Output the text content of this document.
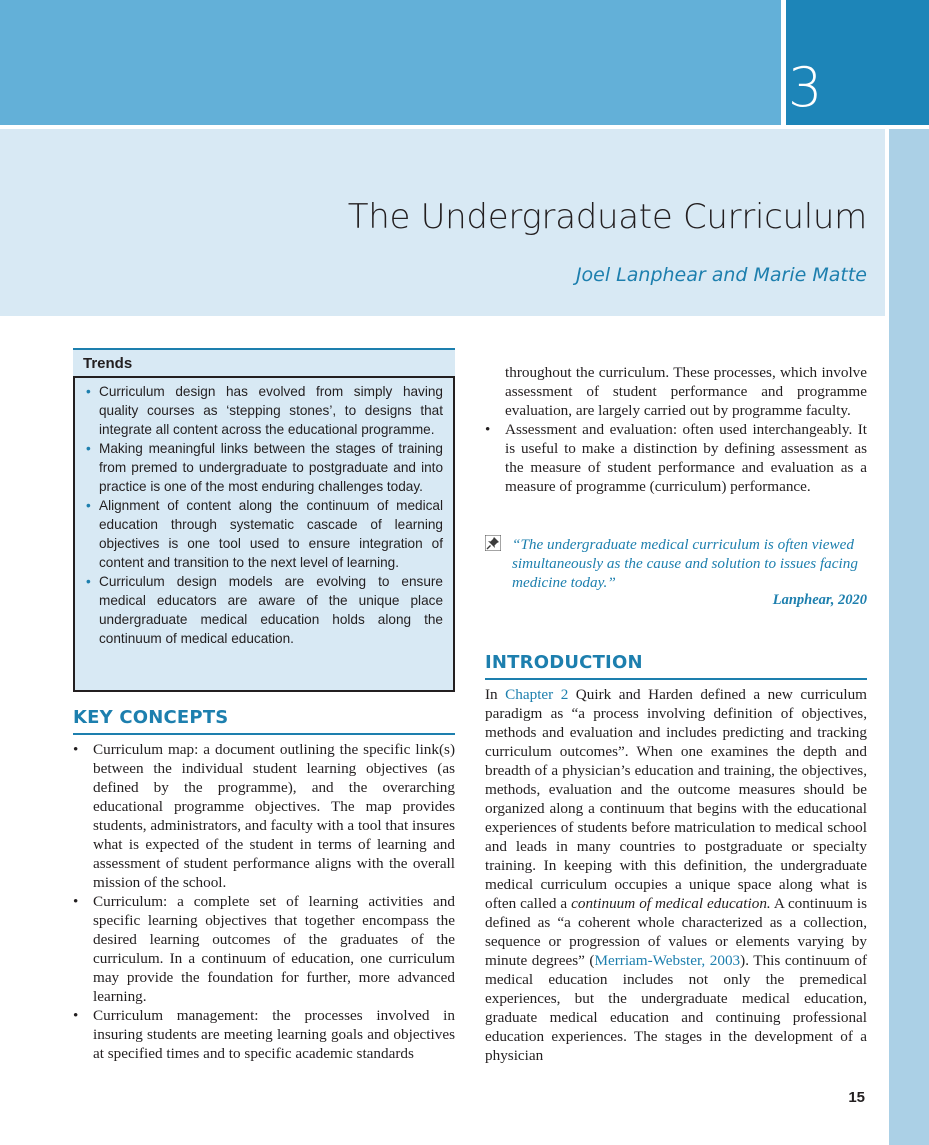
3
The Undergraduate Curriculum
Joel Lanphear and Marie Matte
Trends
• Curriculum design has evolved from simply having quality courses as ‘stepping stones’, to designs that integrate all content across the educational programme.
• Making meaningful links between the stages of training from premed to undergraduate to postgraduate and into practice is one of the most enduring challenges today.
• Alignment of content along the continuum of medical education through systematic cascade of learning objectives is one tool used to ensure integration of content and transition to the next level of learning.
• Curriculum design models are evolving to ensure medical educators are aware of the unique place undergraduate medical education holds along the continuum of medical education.
KEY CONCEPTS
• Curriculum map: a document outlining the specific link(s) between the individual student learning objectives (as defined by the programme), and the overarching educational programme objectives. The map provides students, administrators, and faculty with a tool that insures what is expected of the student in terms of learning and assessment of student performance aligns with the overall mission of the school.
• Curriculum: a complete set of learning activities and specific learning objectives that together encompass the desired learning outcomes of the graduates of the curriculum. In a continuum of education, one curriculum may provide the foundation for further, more advanced learning.
• Curriculum management: the processes involved in insuring students are meeting learning goals and objectives at specified times and to specific academic standards

throughout the curriculum. These processes, which involve assessment of student performance and programme evaluation, are largely carried out by programme faculty.

• Assessment and evaluation: often used interchangeably. It is useful to make a distinction by defining assessment as the measure of student performance and evaluation as a measure of programme (curriculum) performance.
“The undergraduate medical curriculum is often viewed simultaneously as the cause and solution to issues facing medicine today.”
Lanphear, 2020
INTRODUCTION

In Chapter 2 Quirk and Harden defined a new curriculum paradigm as “a process involving definition of objectives, methods and evaluation and includes predicting and tracking curriculum outcomes”. When one examines the depth and breadth of a physician’s education and training, the objectives, methods, evaluation and the outcome measures should be organized along a continuum that begins with the educational experiences of students before matriculation to medical school and leads in many countries to postgraduate or specialty training. In keeping with this definition, the undergraduate medical curriculum occupies a unique space along what is often called a continuum of medical education. A continuum is defined as “a coherent whole characterized as a collection, sequence or progression of values or elements varying by minute degrees” (Merriam-Webster, 2003). This continuum of medical education includes not only the premedical experiences, but the undergraduate medical education, graduate medical education and continuing professional education experiences. The stages in the development of a physician

15
